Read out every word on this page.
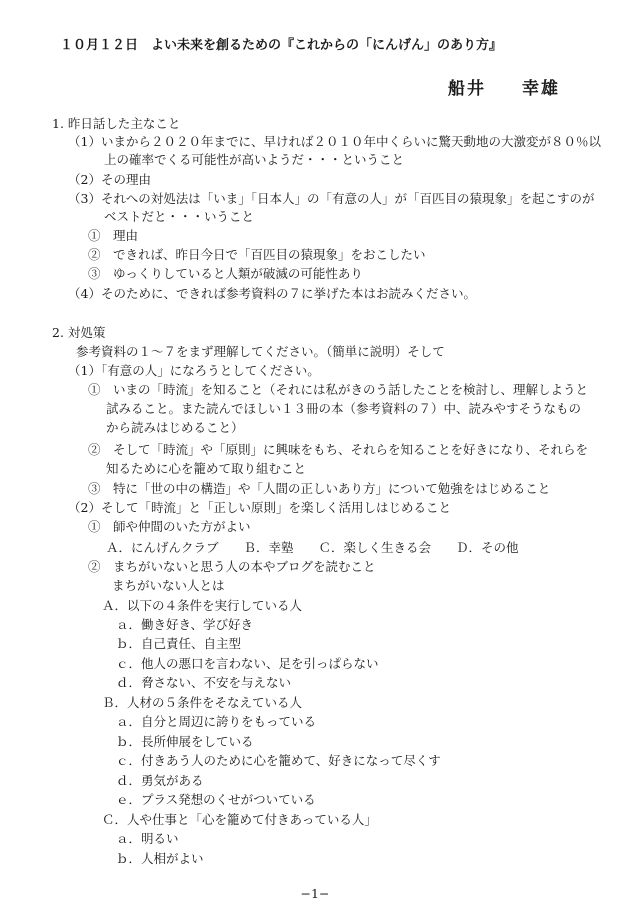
１０月１２日　よい未来を創るための『これからの「にんげん」のあり方』
船井 幸雄
1. 昨日話した主なこと
（1）いまから２０２０年までに、早ければ２０１０年中くらいに驚天動地の大激変が８０％以
上の確率でくる可能性が高いようだ・・・ということ
（2）その理由
（3）それへの対処法は「いま」「日本人」の「有意の人」が「百匹目の猿現象」を起こすのが
ベストだと・・・いうこと
①　理由
②　できれば、昨日今日で「百匹目の猿現象」をおこしたい
③　ゆっくりしていると人類が破滅の可能性あり
（4）そのために、できれば参考資料の７に挙げた本はお読みください。
2. 対処策
参考資料の１〜７をまず理解してください。（簡単に説明）そして
（1）「有意の人」になろうとしてください。
①　いまの「時流」を知ること（それには私がきのう話したことを検討し、理解しようと
試みること。また読んでほしい１３冊の本（参考資料の７）中、読みやすそうなもの
から読みはじめること）
②　そして「時流」や「原則」に興味をもち、それらを知ることを好きになり、それらを
知るために心を籠めて取り組むこと
③　特に「世の中の構造」や「人間の正しいあり方」について勉強をはじめること
（2）そして「時流」と「正しい原則」を楽しく活用しはじめること
①　師や仲間のいた方がよい
Ａ．にんげんクラブ　　Ｂ．幸塾　　Ｃ．楽しく生きる会　　Ｄ．その他
②　まちがいないと思う人の本やブログを読むこと
まちがいない人とは
Ａ．以下の４条件を実行している人
ａ．働き好き、学び好き
ｂ．自己責任、自主型
ｃ．他人の悪口を言わない、足を引っぱらない
ｄ．脅さない、不安を与えない
Ｂ．人材の５条件をそなえている人
ａ．自分と周辺に誇りをもっている
ｂ．長所伸展をしている
ｃ．付きあう人のために心を籠めて、好きになって尽くす
ｄ．勇気がある
ｅ．プラス発想のくせがついている
Ｃ．人や仕事と「心を籠めて付きあっている人」
ａ．明るい
ｂ．人相がよい
−1−
